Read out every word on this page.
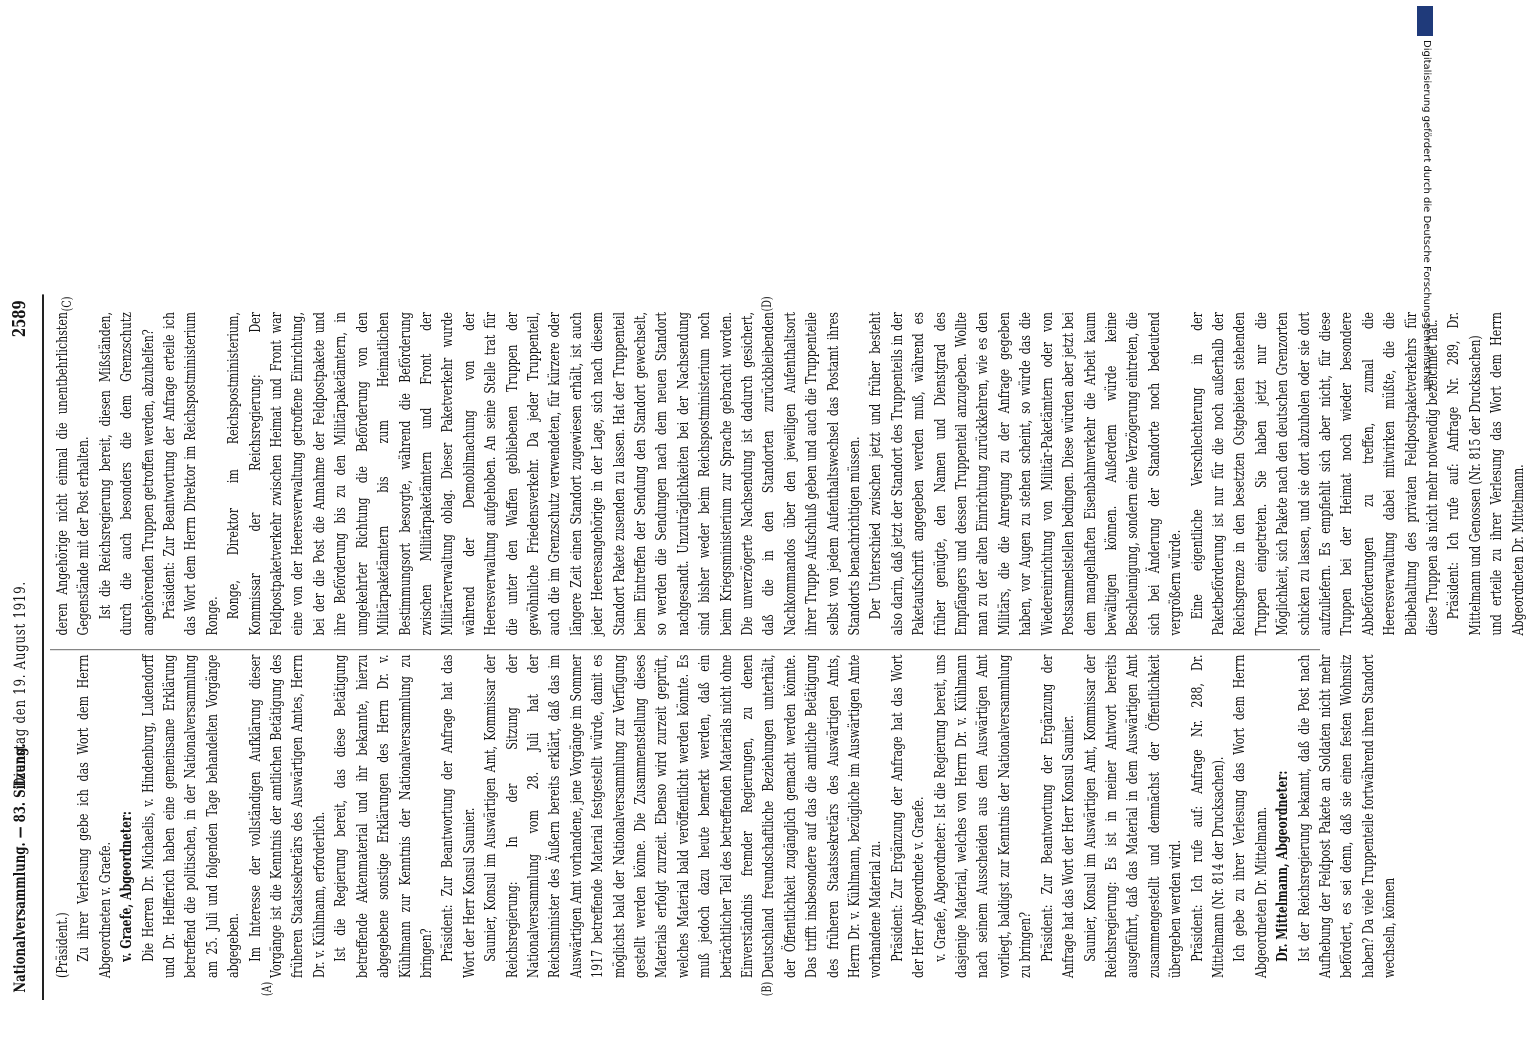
Nationalversammlung. — 83. Sitzung.
Dienstag den 19. August 1919.
2589
(A)	(B)
(C)	(D)

(Präsident.) Zu ihrer Verlesung gebe ich das Wort dem Herrn Abgeordneten v. Graefe. v. Graefe, Abgeordneter: Die Herren Dr. Michaelis, v. Hindenburg, Ludendorff und Dr. Helfferich haben eine gemeinsame Erklärung betreffend die politischen, in der Nationalversammlung am 25. Juli und folgenden Tage behandelten Vorgänge abgegeben. Im Interesse der vollständigen Aufklärung dieser Vorgänge ist die Kenntnis der amtlichen Betätigung des früheren Staatssekretärs des Auswärtigen Amtes, Herrn Dr. v. Kühlmann, erforderlich. Ist die Regierung bereit, das diese Betätigung betreffende Aktenmaterial und ihr bekannte, hierzu abgegebene sonstige Erklärungen des Herrn Dr. v. Kühlmann zur Kenntnis der Nationalversammlung zu bringen? Präsident: Zur Beantwortung der Anfrage hat das Wort der Herr Konsul Saunier. Saunier, Konsul im Auswärtigen Amt, Kommissar der Reichsregierung: In der Sitzung der Nationalversammlung vom 28. Juli hat der Reichsminister des Äußern bereits erklärt, daß das im Auswärtigen Amt vorhandene, jene Vorgänge im Sommer 1917 betreffende Material festgestellt würde, damit es möglichst bald der Nationalversammlung zur Verfügung gestellt werden könne. Die Zusammenstellung dieses Materials erfolgt zurzeit. Ebenso wird zurzeit geprüft, welches Material bald veröffentlicht werden könnte. Es muß jedoch dazu heute bemerkt werden, daß ein beträchtlicher Teil des betreffenden Materials nicht ohne Einverständnis fremder Regierungen, zu denen Deutschland freundschaftliche Beziehungen unterhält, der Öffentlichkeit zugänglich gemacht werden könnte. Das trifft insbesondere auf das die amtliche Betätigung des früheren Staatssekretärs des Auswärtigen Amts, Herrn Dr. v. Kühlmann, bezügliche im Auswärtigen Amte vorhandene Material zu. Präsident: Zur Ergänzung der Anfrage hat das Wort der Herr Abgeordnete v. Graefe. v. Graefe, Abgeordneter: Ist die Regierung bereit, uns dasjenige Material, welches von Herrn Dr. v. Kühlmann nach seinem Ausscheiden aus dem Auswärtigen Amt vorliegt, baldigst zur Kenntnis der Nationalversammlung zu bringen? Präsident: Zur Beantwortung der Ergänzung der Anfrage hat das Wort der Herr Konsul Saunier. Saunier, Konsul im Auswärtigen Amt, Kommissar der Reichsregierung: Es ist in meiner Antwort bereits ausgeführt, daß das Material in dem Auswärtigen Amt zusammengestellt und demnächst der Öffentlichkeit übergeben werden wird. Präsident: Ich rufe auf: Anfrage Nr. 288, Dr. Mittelmann (Nr. 814 der Drucksachen). Ich gebe zu ihrer Verlesung das Wort dem Herrn Abgeordneten Dr. Mittelmann. Dr. Mittelmann, Abgeordneter: Ist der Reichsregierung bekannt, daß die Post nach Aufhebung der Feldpost Pakete an Soldaten nicht mehr befördert, es sei denn, daß sie einen festen Wohnsitz haben? Da viele Truppenteile fortwährend ihren Standort wechseln, können

deren Angehörige nicht einmal die unentbehrlichsten Gegenstände mit der Post erhalten. Ist die Reichsregierung bereit, diesen Mißständen, durch die auch besonders die dem Grenzschutz angehörenden Truppen getroffen werden, abzuhelfen? Präsident: Zur Beantwortung der Anfrage erteile ich das Wort dem Herrn Direktor im Reichspostministerium Ronge. Ronge, Direktor im Reichspostministerium, Kommissar der Reichsregierung: Der Feldpostpaketverkehr zwischen Heimat und Front war eine von der Heeresverwaltung getroffene Einrichtung, bei der die Post die Annahme der Feldpostpakete und ihre Beförderung bis zu den Militärpaketämtern, in umgekehrter Richtung die Beförderung von den Militärpaketämtern bis zum Heimatlichen Bestimmungsort besorgte, während die Beförderung zwischen Militärpaketämtern und Front der Militärverwaltung oblag. Dieser Paketverkehr wurde während der Demobilmachung von der Heeresverwaltung aufgehoben. An seine Stelle trat für die unter den Waffen gebliebenen Truppen der gewöhnliche Friedensverkehr. Da jeder Truppenteil, auch die im Grenzschutz verwendeten, für kürzere oder längere Zeit einen Standort zugewiesen erhält, ist auch jeder Heeresangehörige in der Lage, sich nach diesem Standort Pakete zusenden zu lassen. Hat der Truppenteil beim Eintreffen der Sendung den Standort gewechselt, so werden die Sendungen nach dem neuen Standort nachgesandt. Unzuträglichkeiten bei der Nachsendung sind bisher weder beim Reichspostministerium noch beim Kriegsministerium zur Sprache gebracht worden. Die unverzögerte Nachsendung ist dadurch gesichert, daß die in den Standorten zurückbleibenden Nachkommandos über den jeweiligen Aufenthaltsort ihrer Truppe Aufschluß geben und auch die Truppenteile selbst von jedem Aufenthaltswechsel das Postamt ihres Standorts benachrichtigen müssen. Der Unterschied zwischen jetzt und früher besteht also darin, daß jetzt der Standort des Truppenteils in der Paketaufschrift angegeben werden muß, während es früher genügte, den Namen und Dienstgrad des Empfängers und dessen Truppenteil anzugeben. Wollte man zu der alten Einrichtung zurückkehren, wie es den Militärs, die die Anregung zu der Anfrage gegeben haben, vor Augen zu stehen scheint, so würde das die Wiedereinrichtung von Militär-Paketämtern oder von Postsammelstellen bedingen. Diese würden aber jetzt bei dem mangelhaften Eisenbahnverkehr die Arbeit kaum bewältigen können. Außerdem würde keine Beschleunigung, sondern eine Verzögerung eintreten, die sich bei Änderung der Standorte noch bedeutend vergrößern würde. Eine eigentliche Verschlechterung in der Paketbeförderung ist nur für die noch außerhalb der Reichsgrenze in den besetzten Ostgebieten stehenden Truppen eingetreten. Sie haben jetzt nur die Möglichkeit, sich Pakete nach den deutschen Grenzorten schicken zu lassen, und sie dort abzuholen oder sie dort aufzuliefern. Es empfiehlt sich aber nicht, für diese Truppen bei der Heimat noch wieder besondere Abbeförderungen zu treffen, zumal die Heeresverwaltung dabei mitwirken müßte, die die Beibehaltung des privaten Feldpostpaketverkehrs für diese Truppen als nicht mehr notwendig bezeichnet hat. Präsident: Ich rufe auf: Anfrage Nr. 289, Dr. Mittelmann und Genossen (Nr. 815 der Drucksachen) und erteile zu ihrer Verlesung das Wort dem Herrn Abgeordneten Dr. Mittelmann.

Digitalisierung gefördert durch die Deutsche Forschungsgemeinschaft
